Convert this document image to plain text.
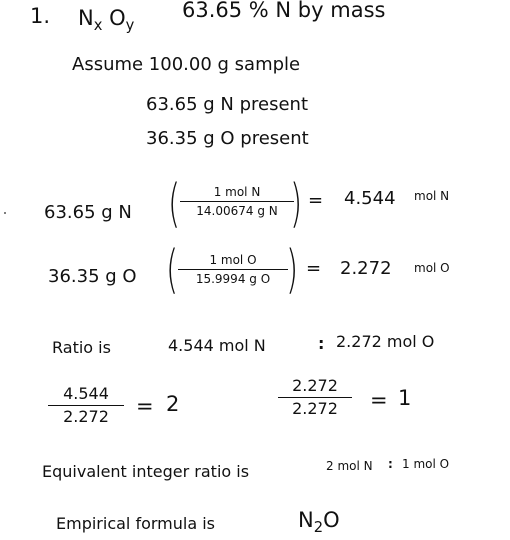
1. $N_x$ $O_y$
63.65 % N by mass
Assume 100.00 g sample
63.65 g N present
36.35 g O present
63.65 g N (	1 mol N
14.00674 g N ) = 4.544 mol N
36.35 g O (	1 mol O
15.9994 g O ) = 2.272 mol O
Ratio is	4.544 mol N	: 2.272 mol O
4.544
2.272	= 2
2.272
2.272	= 1
Equivalent integer ratio is	2 mol N : 1 mol O
Empirical formula is	$N_2O$
